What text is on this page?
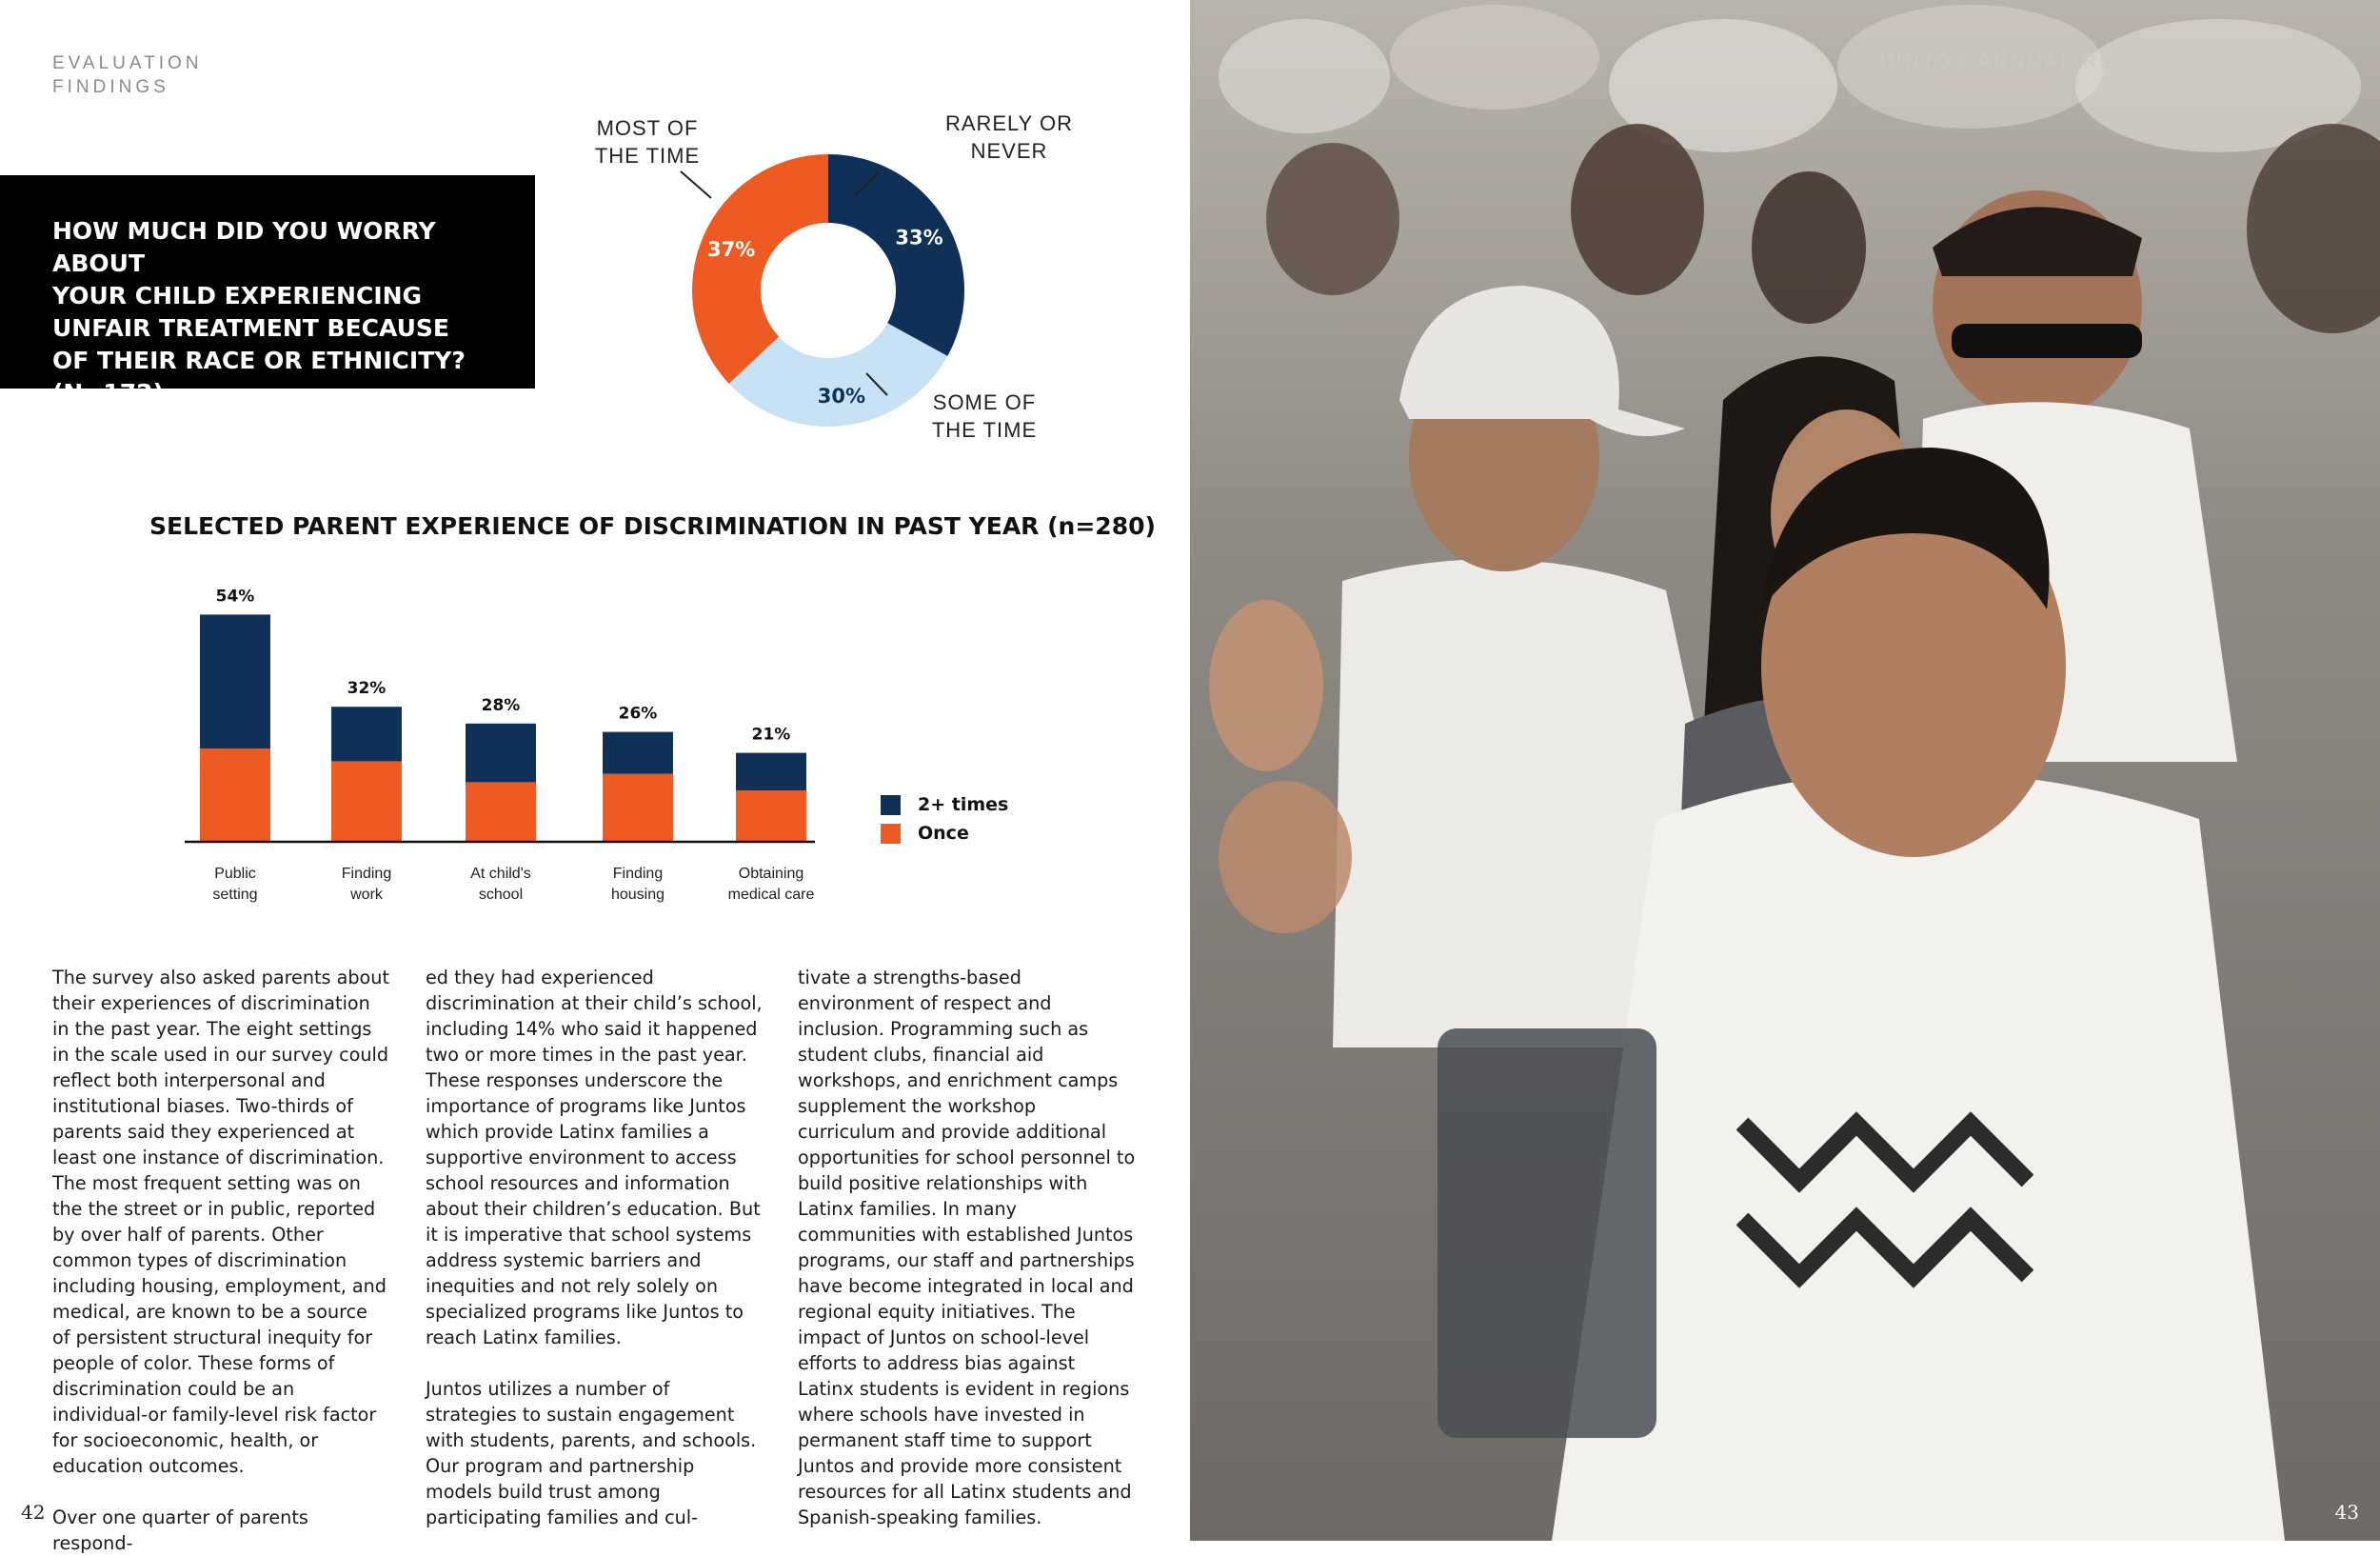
EVALUATION
FINDINGS
HOW MUCH DID YOU WORRY ABOUT
YOUR CHILD EXPERIENCING
UNFAIR TREATMENT BECAUSE
OF THEIR RACE OR ETHNICITY? (N=172)
33%
30%
37%
MOST OF
THE TIME
RARELY OR
NEVER
SOME OF
THE TIME
SELECTED PARENT EXPERIENCE OF DISCRIMINATION IN PAST YEAR (n=280)
54%
Public
setting
32%
Finding
work
28%
At child's
school
26%
Finding
housing
21%
Obtaining
medical care
2+ times
Once

The survey also asked parents about their experiences of discrimination in the past year. The eight settings in the scale used in our survey could reflect both interpersonal and institutional biases. Two-thirds of parents said they experienced at least one instance of discrimination. The most frequent setting was on the the street or in public, reported by over half of parents. Other common types of discrimination including housing, employment, and medical, are known to be a source of persistent structural inequity for people of color. These forms of discrimination could be an individual-or family-level risk factor for socioeconomic, health, or education outcomes.

Over one quarter of parents respond-

ed they had experienced discrimination at their child’s school, including 14% who said it happened two or more times in the past year. These responses underscore the importance of programs like Juntos which provide Latinx families a supportive environment to access school resources and information about their children’s education. But it is imperative that school systems address systemic barriers and inequities and not rely solely on specialized programs like Juntos to reach Latinx families.

Juntos utilizes a number of strategies to sustain engagement with students, parents, and schools. Our program and partnership models build trust among participating families and cul-

tivate a strengths-based environment of respect and inclusion. Programming such as student clubs, financial aid workshops, and enrichment camps supplement the workshop curriculum and provide additional opportunities for school personnel to build positive relationships with Latinx families. In many communities with established Juntos programs, our staff and partnerships have become integrated in local and regional equity initiatives. The impact of Juntos on school-level efforts to address bias against Latinx students is evident in regions where schools have invested in permanent staff time to support Juntos and provide more consistent resources for all Latinx students and Spanish-speaking families.

42
JUNTOS ANNUAL REPORT 2019 - 2021
43
